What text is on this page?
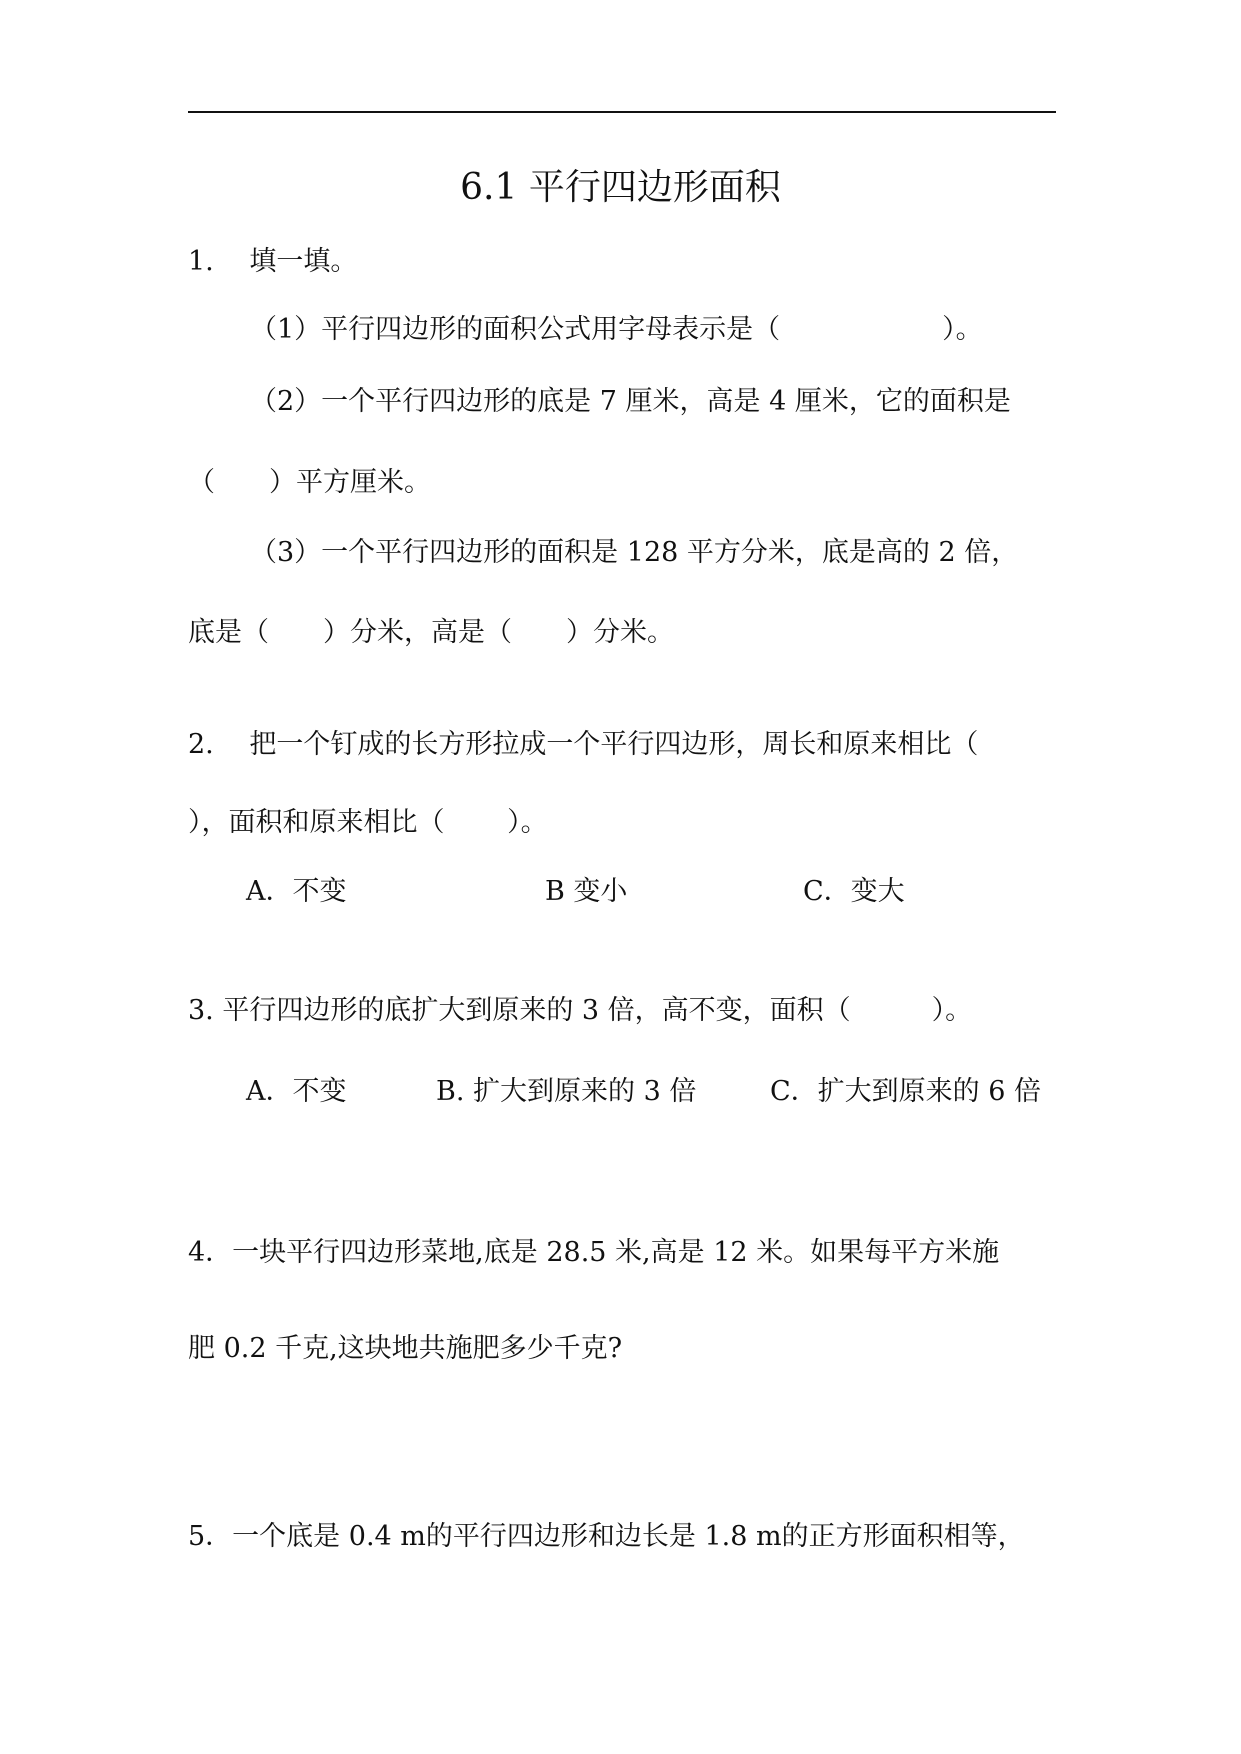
6.1 平行四边形面积
1.　 填一填。
（1）平行四边形的面积公式用字母表示是（　　　　　　）。
（2）一个平行四边形的底是 7 厘米，高是 4 厘米，它的面积是
（　　）平方厘米。
（3）一个平行四边形的面积是 128 平方分米，底是高的 2 倍，
底是（　　）分米，高是（　　）分米。
2.　 把一个钉成的长方形拉成一个平行四边形，周长和原来相比（
），面积和原来相比（　　 ）。
A．不变	B 变小	C．变大
3. 平行四边形的底扩大到原来的 3 倍，高不变，面积（　　　）。
A．不变	B. 扩大到原来的 3 倍	C．扩大到原来的 6 倍
4．一块平行四边形菜地,底是 28.5 米,高是 12 米。如果每平方米施
肥 0.2 千克,这块地共施肥多少千克?
5．一个底是 0.4 m的平行四边形和边长是 1.8 m的正方形面积相等，
